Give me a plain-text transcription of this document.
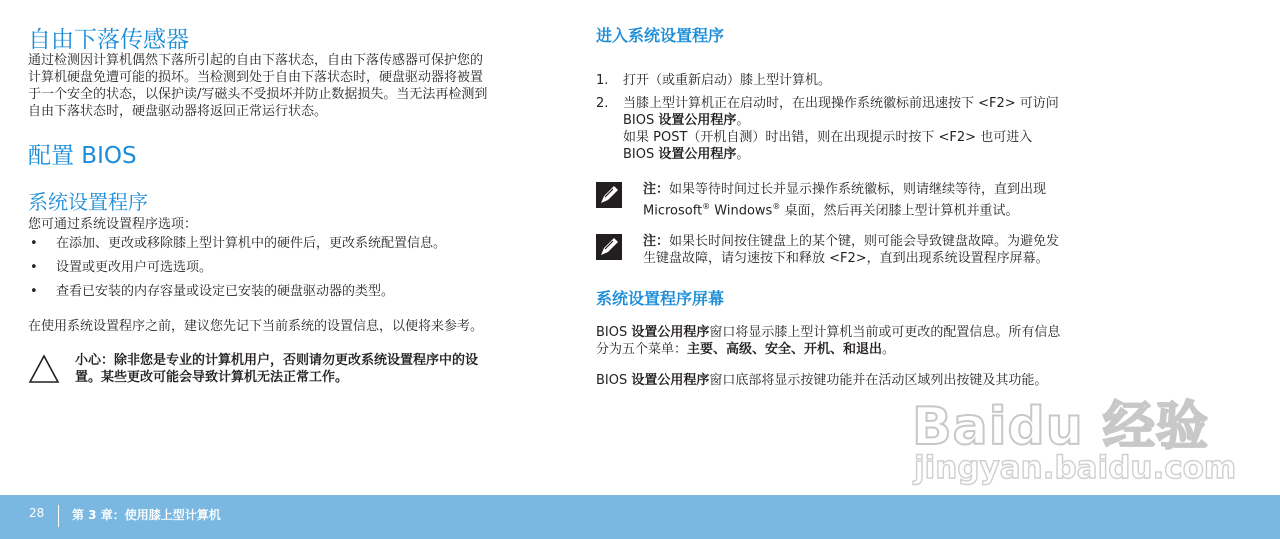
自由下落传感器

通过检测因计算机偶然下落所引起的自由下落状态，自由下落传感器可保护您的

计算机硬盘免遭可能的损坏。当检测到处于自由下落状态时，硬盘驱动器将被置

于一个安全的状态，以保护读/写磁头不受损坏并防止数据损失。当无法再检测到

自由下落状态时，硬盘驱动器将返回正常运行状态。

配置 BIOS
系统设置程序

您可通过系统设置程序选项：

• 在添加、更改或移除膝上型计算机中的硬件后，更改系统配置信息。
• 设置或更改用户可选选项。
• 查看已安装的内存容量或设定已安装的硬盘驱动器的类型。

在使用系统设置程序之前，建议您先记下当前系统的设置信息，以便将来参考。

小心：除非您是专业的计算机用户，否则请勿更改系统设置程序中的设

置。某些更改可能会导致计算机无法正常工作。

进入系统设置程序
1. 打开（或重新启动）膝上型计算机。

2. 当膝上型计算机正在启动时，在出现操作系统徽标前迅速按下 <F2> 可访问

BIOS 设置公用程序。

如果 POST（开机自测）时出错，则在出现提示时按下 <F2> 也可进入

BIOS 设置公用程序。

注：如果等待时间过长并显示操作系统徽标，则请继续等待，直到出现

Microsoft® Windows® 桌面，然后再关闭膝上型计算机并重试。

注：如果长时间按住键盘上的某个键，则可能会导致键盘故障。为避免发

生键盘故障，请匀速按下和释放 <F2>，直到出现系统设置程序屏幕。

系统设置程序屏幕

BIOS 设置公用程序窗口将显示膝上型计算机当前或可更改的配置信息。所有信息

分为五个菜单：主要、高级、安全、开机、和退出。

BIOS 设置公用程序窗口底部将显示按键功能并在活动区域列出按键及其功能。

Baidu 经验
jingyan.baidu.com
28 第 3 章：使用膝上型计算机
